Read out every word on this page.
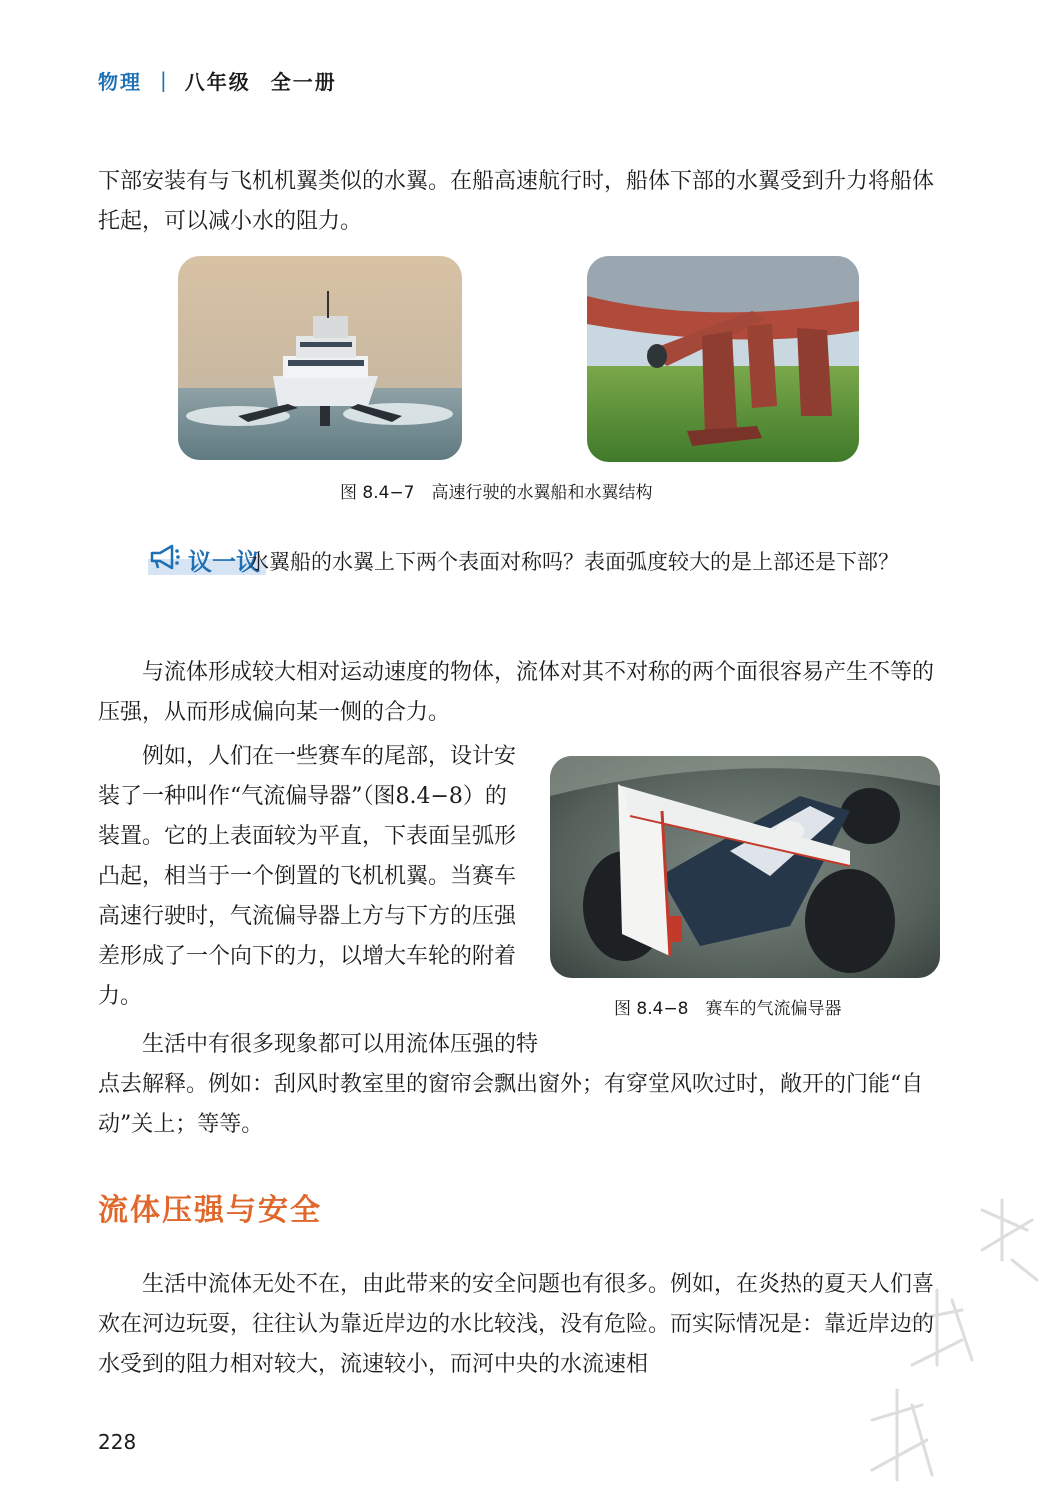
物理 | 八年级 全一册

下部安装有与飞机机翼类似的水翼。在船高速航行时，船体下部的水翼受到升力将船体托起，可以减小水的阻力。

图 8.4−7　高速行驶的水翼船和水翼结构
议一议

水翼船的水翼上下两个表面对称吗？表面弧度较大的是上部还是下部？

与流体形成较大相对运动速度的物体，流体对其不对称的两个面很容易产生不等的压强，从而形成偏向某一侧的合力。

例如，人们在一些赛车的尾部，设计安装了一种叫作“气流偏导器”（图8.4−8）的装置。它的上表面较为平直，下表面呈弧形凸起，相当于一个倒置的飞机机翼。当赛车高速行驶时，气流偏导器上方与下方的压强差形成了一个向下的力，以增大车轮的附着力。	图 8.4−8　赛车的气流偏导器

生活中有很多现象都可以用流体压强的特点去解释。例如：刮风时教室里的窗帘会飘出窗外；有穿堂风吹过时，敞开的门能“自动”关上；等等。

流体压强与安全

生活中流体无处不在，由此带来的安全问题也有很多。例如，在炎热的夏天人们喜欢在河边玩耍，往往认为靠近岸边的水比较浅，没有危险。而实际情况是：靠近岸边的水受到的阻力相对较大，流速较小，而河中央的水流速相

228
